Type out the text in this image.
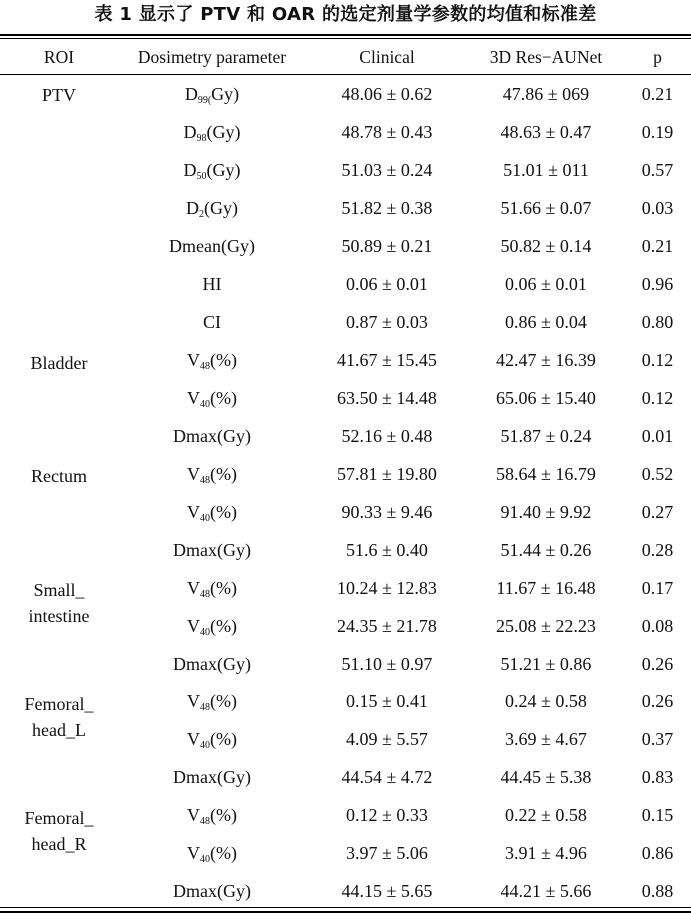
表 1 显示了 PTV 和 OAR 的选定剂量学参数的均值和标准差
ROI	Dosimetry parameter	Clinical	3D Res−AUNet	p

PTV	$D_{99(}Gy$)	48.06 ± 0.62	47.86 ± 069	0.21
	$D_{98}(Gy)$	48.78 ± 0.43	48.63 ± 0.47	0.19
	$D_{50}(Gy)$	51.03 ± 0.24	51.01 ± 011	0.57
	$D_2(Gy)$	51.82 ± 0.38	51.66 ± 0.07	0.03
	Dmean(Gy)	50.89 ± 0.21	50.82 ± 0.14	0.21
	HI	0.06 ± 0.01	0.06 ± 0.01	0.96
	CI	0.87 ± 0.03	0.86 ± 0.04	0.80

Bladder	$V_{48}(\%)$	41.67 ± 15.45	42.47 ± 16.39	0.12
	$V_{40}(\%)$	63.50 ± 14.48	65.06 ± 15.40	0.12
	Dmax(Gy)	52.16 ± 0.48	51.87 ± 0.24	0.01

Rectum	$V_{48}(\%)$	57.81 ± 19.80	58.64 ± 16.79	0.52
	$V_{40}(\%)$	90.33 ± 9.46	91.40 ± 9.92	0.27
	Dmax(Gy)	51.6 ± 0.40	51.44 ± 0.26	0.28

Small_
intestine	$V_{48}(\%)$	10.24 ± 12.83	11.67 ± 16.48	0.17
	$V_{40}(\%)$	24.35 ± 21.78	25.08 ± 22.23	0.08
	Dmax(Gy)	51.10 ± 0.97	51.21 ± 0.86	0.26

Femoral_
head_L	$V_{48}(\%)$	0.15 ± 0.41	0.24 ± 0.58	0.26
	$V_{40}(\%)$	4.09 ± 5.57	3.69 ± 4.67	0.37
	Dmax(Gy)	44.54 ± 4.72	44.45 ± 5.38	0.83

Femoral_
head_R	$V_{48}(\%)$	0.12 ± 0.33	0.22 ± 0.58	0.15
	$V_{40}(\%)$	3.97 ± 5.06	3.91 ± 4.96	0.86
	Dmax(Gy)	44.15 ± 5.65	44.21 ± 5.66	0.88
